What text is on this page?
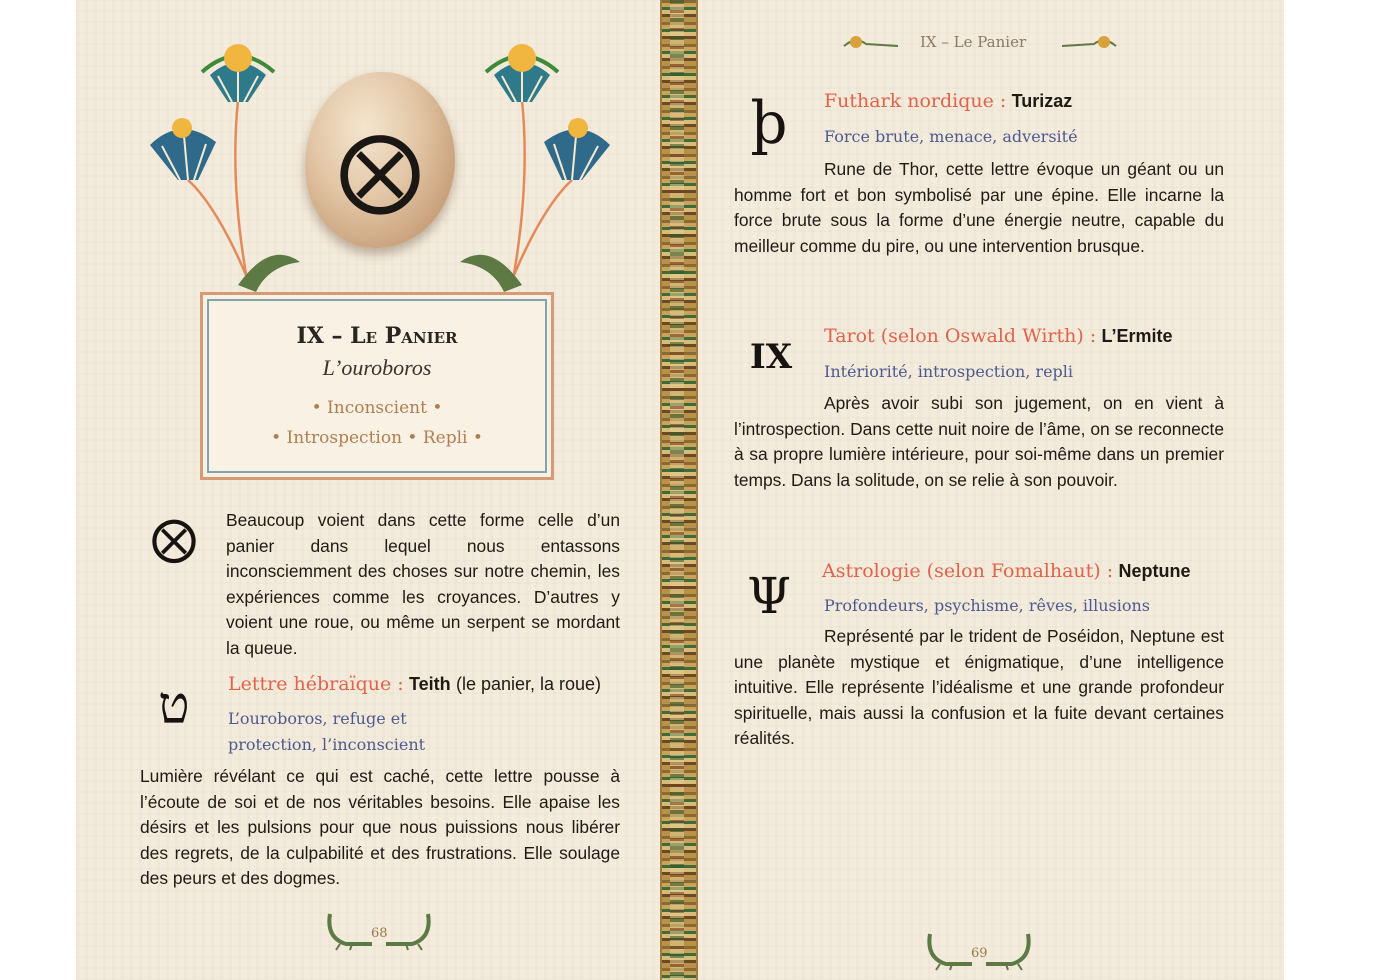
⨂
IX – Le Panier
L’ouroboros
• Inconscient •
• Introspection • Repli •
⨂ Beaucoup voient dans cette forme celle d’un panier dans lequel nous entassons inconsciemment des choses sur notre chemin, les expériences comme les croyances. D’autres y voient une roue, ou même un serpent se mordant la queue.
ט	Lettre hébraïque : Teith (le panier, la roue)
L’ouroboros, refuge et
protection, l’inconscient
Lumière révélant ce qui est caché, cette lettre pousse à l’écoute de soi et de nos véritables besoins. Elle apaise les désirs et les pulsions pour que nous puissions nous libérer des regrets, de la culpabilité et des frustrations. Elle soulage des peurs et des dogmes.
68
IX – Le Panier
þ	Futhark nordique : Turizaz
Force brute, menace, adversité
Rune de Thor, cette lettre évoque un géant ou un homme fort et bon symbolisé par une épine. Elle incarne la force brute sous la forme d’une énergie neutre, capable du meilleur comme du pire, ou une intervention brusque.
IX
Tarot (selon Oswald Wirth) : L’Ermite
Intériorité, introspection, repli
Après avoir subi son jugement, on en vient à l’introspection. Dans cette nuit noire de l’âme, on se reconnecte à sa propre lumière intérieure, pour soi-même dans un premier temps. Dans la solitude, on se relie à son pouvoir.
Ψ	Astrologie (selon Fomalhaut) : Neptune
Profondeurs, psychisme, rêves, illusions
Représenté par le trident de Poséidon, Neptune est une planète mystique et énigmatique, d’une intelligence intuitive. Elle représente l’idéalisme et une grande profondeur spirituelle, mais aussi la confusion et la fuite devant certaines réalités.
69
